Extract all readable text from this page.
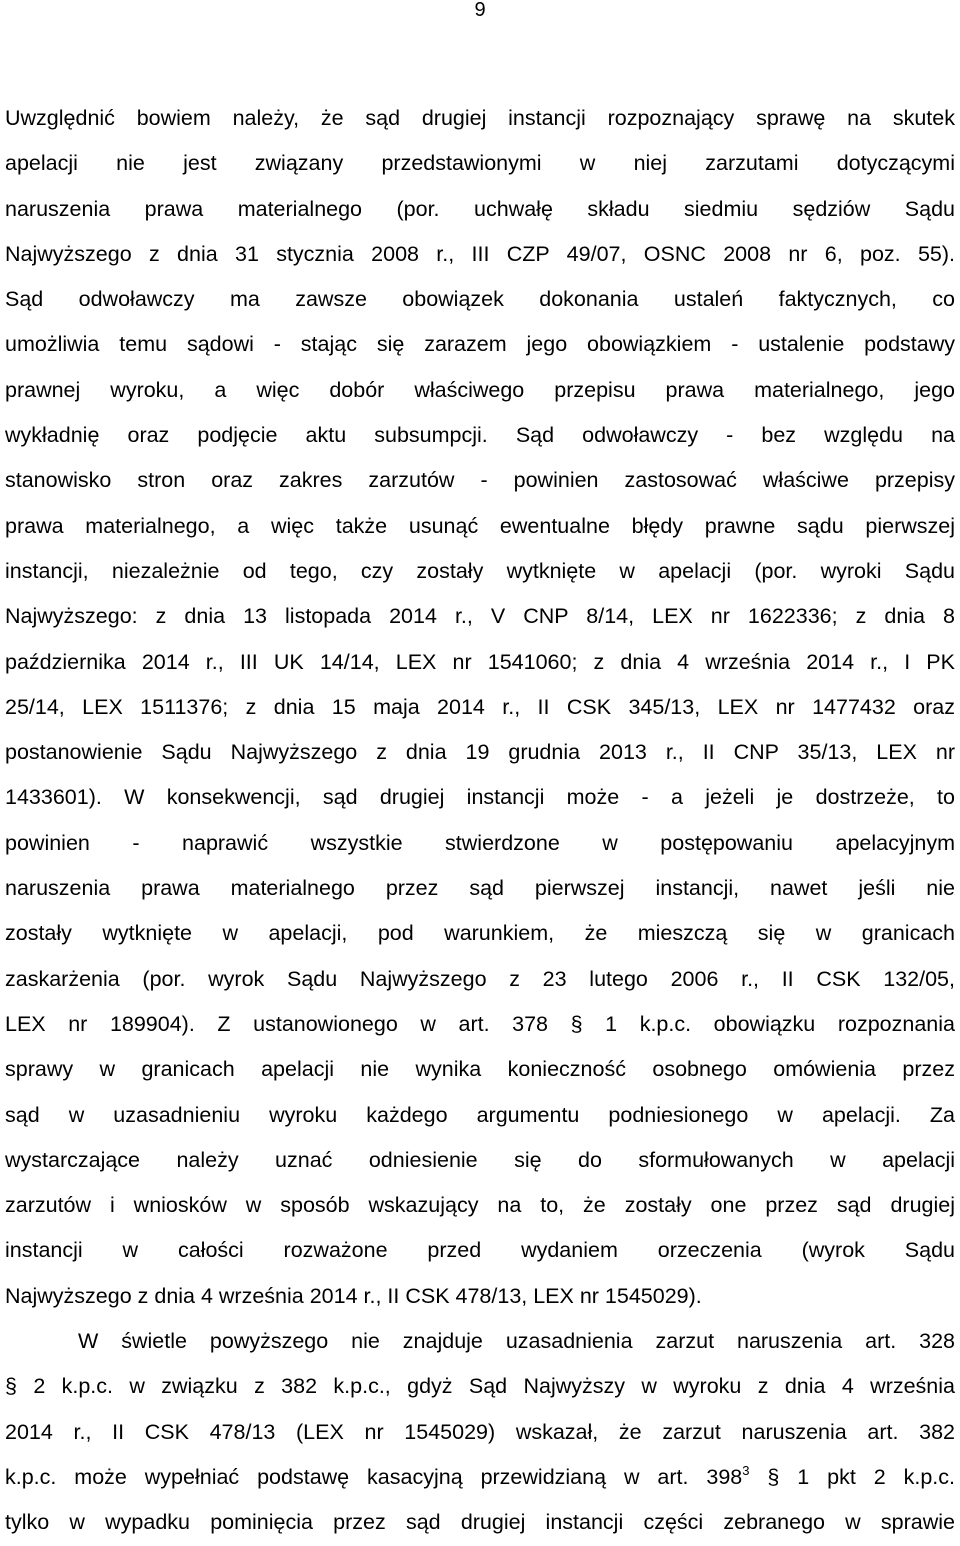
9
Uwzględnić bowiem należy, że sąd drugiej instancji rozpoznający sprawę na skutek
apelacji nie jest związany przedstawionymi w niej zarzutami dotyczącymi
naruszenia prawa materialnego (por. uchwałę składu siedmiu sędziów Sądu
Najwyższego z dnia 31 stycznia 2008 r., III CZP 49/07, OSNC 2008 nr 6, poz. 55).
Sąd odwoławczy ma zawsze obowiązek dokonania ustaleń faktycznych, co
umożliwia temu sądowi - stając się zarazem jego obowiązkiem - ustalenie podstawy
prawnej wyroku, a więc dobór właściwego przepisu prawa materialnego, jego
wykładnię oraz podjęcie aktu subsumpcji. Sąd odwoławczy - bez względu na
stanowisko stron oraz zakres zarzutów - powinien zastosować właściwe przepisy
prawa materialnego, a więc także usunąć ewentualne błędy prawne sądu pierwszej
instancji, niezależnie od tego, czy zostały wytknięte w apelacji (por. wyroki Sądu
Najwyższego: z dnia 13 listopada 2014 r., V CNP 8/14, LEX nr 1622336; z dnia 8
października 2014 r., III UK 14/14, LEX nr 1541060; z dnia 4 września 2014 r., I PK
25/14, LEX 1511376; z dnia 15 maja 2014 r., II CSK 345/13, LEX nr 1477432 oraz
postanowienie Sądu Najwyższego z dnia 19 grudnia 2013 r., II CNP 35/13, LEX nr
1433601). W konsekwencji, sąd drugiej instancji może - a jeżeli je dostrzeże, to
powinien - naprawić wszystkie stwierdzone w postępowaniu apelacyjnym
naruszenia prawa materialnego przez sąd pierwszej instancji, nawet jeśli nie
zostały wytknięte w apelacji, pod warunkiem, że mieszczą się w granicach
zaskarżenia (por. wyrok Sądu Najwyższego z 23 lutego 2006 r., II CSK 132/05,
LEX nr 189904). Z ustanowionego w art. 378 § 1 k.p.c. obowiązku rozpoznania
sprawy w granicach apelacji nie wynika konieczność osobnego omówienia przez
sąd w uzasadnieniu wyroku każdego argumentu podniesionego w apelacji. Za
wystarczające należy uznać odniesienie się do sformułowanych w apelacji
zarzutów i wniosków w sposób wskazujący na to, że zostały one przez sąd drugiej
instancji w całości rozważone przed wydaniem orzeczenia (wyrok Sądu
Najwyższego z dnia 4 września 2014 r., II CSK 478/13, LEX nr 1545029).
W świetle powyższego nie znajduje uzasadnienia zarzut naruszenia art. 328
§ 2 k.p.c. w związku z 382 k.p.c., gdyż Sąd Najwyższy w wyroku z dnia 4 września
2014 r., II CSK 478/13 (LEX nr 1545029) wskazał, że zarzut naruszenia art. 382
k.p.c. może wypełniać podstawę kasacyjną przewidzianą w art. $398^3$ § 1 pkt 2 k.p.c.
tylko w wypadku pominięcia przez sąd drugiej instancji części zebranego w sprawie
